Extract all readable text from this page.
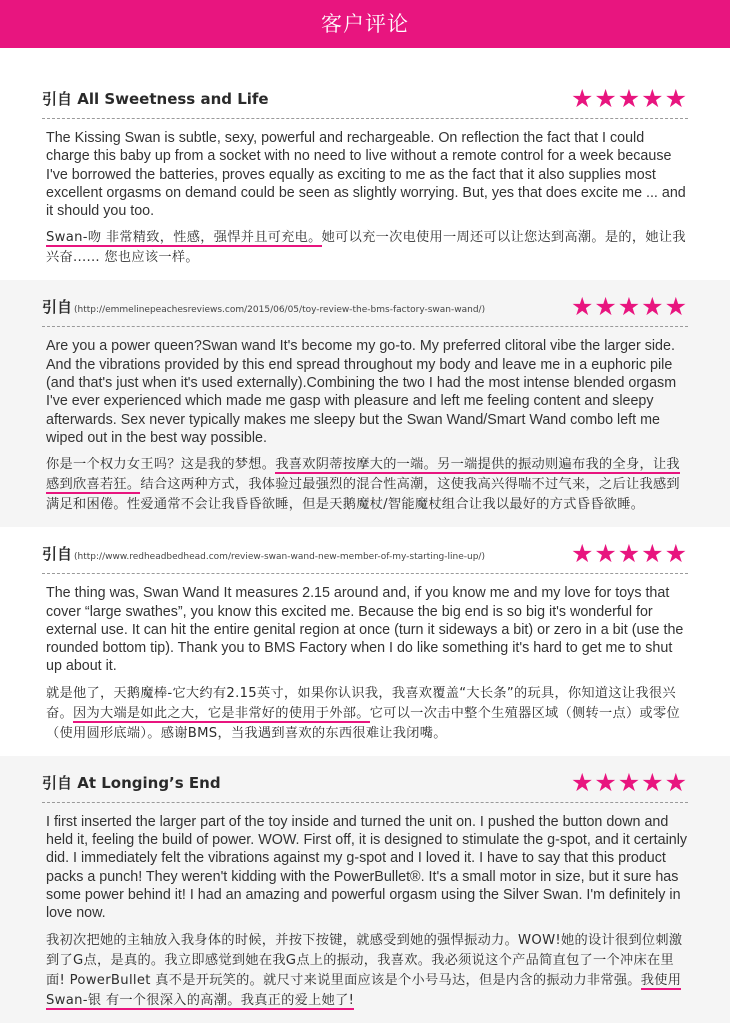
客户评论
引自 All Sweetness and Life	★★★★★

The Kissing Swan is subtle, sexy, powerful and rechargeable. On reflection the fact that I could charge this baby up from a socket with no need to live without a remote control for a week because I've borrowed the batteries, proves equally as exciting to me as the fact that it also supplies most excellent orgasms on demand could be seen as slightly worrying. But, yes that does excite me ... and it should you too.

Swan-吻 非常精致，性感，强悍并且可充电。她可以充一次电使用一周还可以让您达到高潮。是的，她让我兴奋...... 您也应该一样。

引自 (http://emmelinepeachesreviews.com/2015/06/05/toy-review-the-bms-factory-swan-wand/)	★★★★★

Are you a power queen?Swan wand It's become my go-to. My preferred clitoral vibe the larger side. And the vibrations provided by this end spread throughout my body and leave me in a euphoric pile (and that's just when it's used externally).Combining the two I had the most intense blended orgasm I've ever experienced which made me gasp with pleasure and left me feeling content and sleepy afterwards. Sex never typically makes me sleepy but the Swan Wand/Smart Wand combo left me wiped out in the best way possible.

你是一个权力女王吗？这是我的梦想。我喜欢阴蒂按摩大的一端。另一端提供的振动则遍布我的全身，让我感到欣喜若狂。结合这两种方式，我体验过最强烈的混合性高潮，这使我高兴得喘不过气来，之后让我感到满足和困倦。性爱通常不会让我昏昏欲睡，但是天鹅魔杖/智能魔杖组合让我以最好的方式昏昏欲睡。

引自 (http://www.redheadbedhead.com/review-swan-wand-new-member-of-my-starting-line-up/)	★★★★★

The thing was, Swan Wand It measures 2.15 around and, if you know me and my love for toys that cover “large swathes”, you know this excited me. Because the big end is so big it's wonderful for external use. It can hit the entire genital region at once (turn it sideways a bit) or zero in a bit (use the rounded bottom tip). Thank you to BMS Factory when I do like something it's hard to get me to shut up about it.

就是他了，天鹅魔棒-它大约有2.15英寸，如果你认识我，我喜欢覆盖“大长条”的玩具，你知道这让我很兴奋。因为大端是如此之大，它是非常好的使用于外部。它可以一次击中整个生殖器区域（侧转一点）或零位（使用圆形底端）。感谢BMS，当我遇到喜欢的东西很难让我闭嘴。

引自 At Longing’s End	★★★★★

I first inserted the larger part of the toy inside and turned the unit on. I pushed the button down and held it, feeling the build of power. WOW. First off, it is designed to stimulate the g-spot, and it certainly did. I immediately felt the vibrations against my g-spot and I loved it. I have to say that this product packs a punch! They weren't kidding with the PowerBullet®. It's a small motor in size, but it sure has some power behind it! I had an amazing and powerful orgasm using the Silver Swan. I'm definitely in love now.

我初次把她的主轴放入我身体的时候，并按下按键，就感受到她的强悍振动力。WOW!她的设计很到位刺激到了G点，是真的。我立即感觉到她在我G点上的振动，我喜欢。我必须说这个产品简直包了一个冲床在里面! PowerBullet 真不是开玩笑的。就尺寸来说里面应该是个小号马达，但是内含的振动力非常强。我使用 Swan-银 有一个很深入的高潮。我真正的爱上她了!
